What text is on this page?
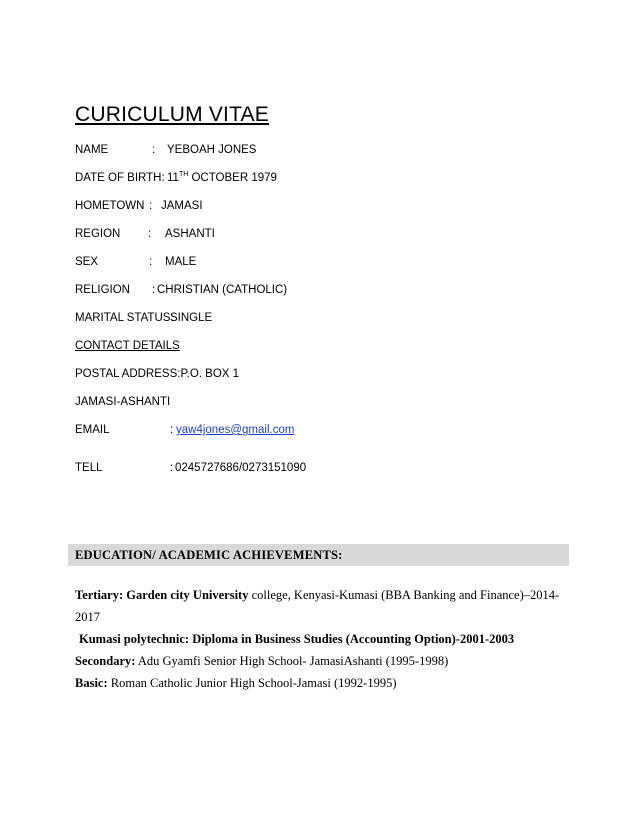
CURICULUM VITAE
NAME	: YEBOAH JONES
DATE OF BIRTH: 11TH OCTOBER 1979
HOMETOWN : JAMASI
REGION : ASHANTI
SEX	: MALE
RELIGION : CHRISTIAN (CATHOLIC)
MARITAL STATUS:
SINGLE
CONTACT DETAILS
POSTAL ADDRESS:P.O. BOX 1
JAMASI-ASHANTI
EMAIL	: yaw4jones@gmail.com
TELL	: 0245727686/0273151090
EDUCATION/ ACADEMIC ACHIEVEMENTS:
Tertiary: Garden city University college, Kenyasi-Kumasi (BBA Banking and Finance)–2014-2017
Kumasi polytechnic: Diploma in Business Studies (Accounting Option)-2001-2003
Secondary: Adu Gyamfi Senior High School- JamasiAshanti (1995-1998)
Basic: Roman Catholic Junior High School-Jamasi (1992-1995)
